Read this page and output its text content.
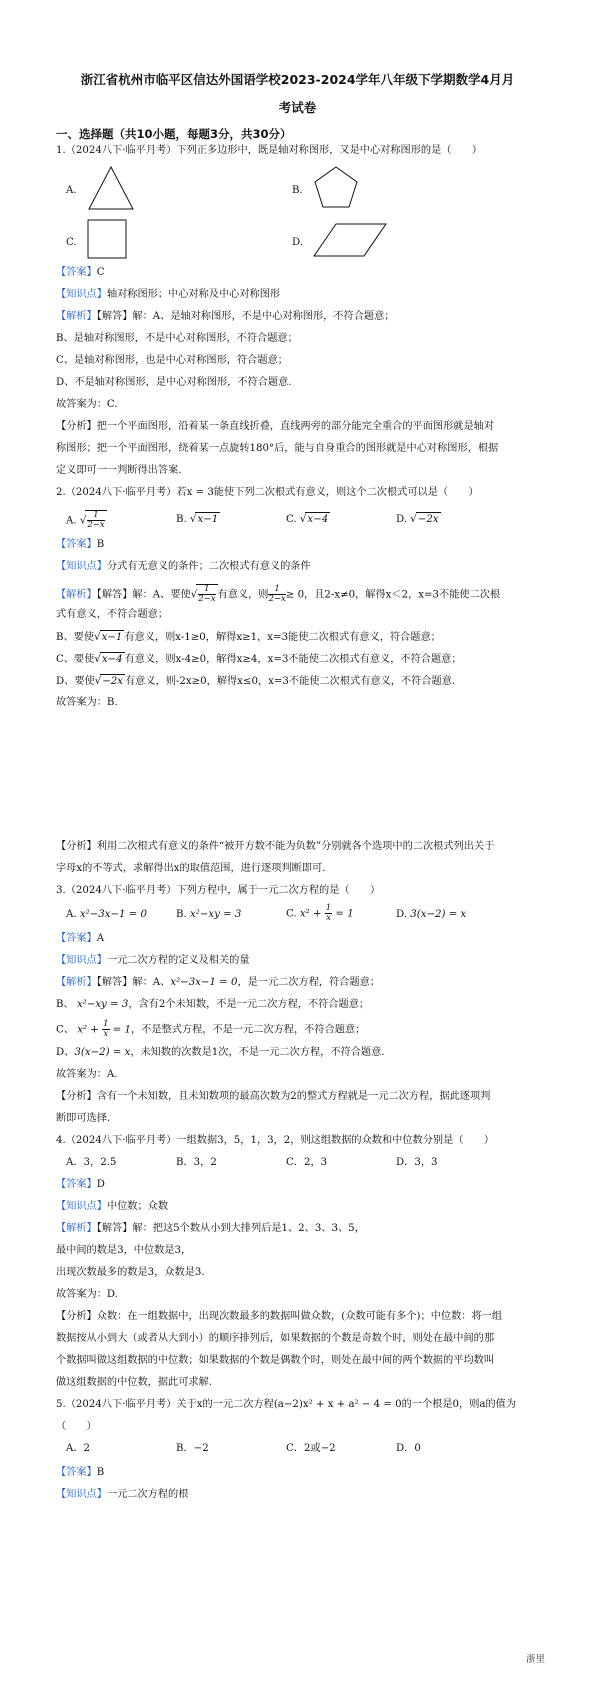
浙江省杭州市临平区信达外国语学校2023-2024学年八年级下学期数学4月月
考试卷
一、选择题（共10小题，每题3分，共30分）
1.（2024八下·临平月考）下列正多边形中，既是轴对称图形，又是中心对称图形的是（　　）
A.	B.
C.	D.
【答案】C
【知识点】轴对称图形；中心对称及中心对称图形
【解析】【解答】解：A、是轴对称图形，不是中心对称图形，不符合题意；
B、是轴对称图形，不是中心对称图形，不符合题意；
C、是轴对称图形，也是中心对称图形，符合题意；
D、不是轴对称图形，是中心对称图形，不符合题意.
故答案为：C.
【分析】把一个平面图形，沿着某一条直线折叠，直线两旁的部分能完全重合的平面图形就是轴对
称图形；把一个平面图形，绕着某一点旋转180°后，能与自身重合的图形就是中心对称图形，根据
定义即可一一判断得出答案.
2.（2024八下·临平月考）若x = 3能使下列二次根式有意义，则这个二次根式可以是（　　）
A. √ $\frac{1}{2-x}$	B. √x−1	C. √x−4	D. √−2x
【答案】B
【知识点】分式有无意义的条件；二次根式有意义的条件
【解析】【解答】解：A、要使√ $\frac{1}{2-x}$ 有意义，则 $\frac{1}{2-x} \ge 0$，且2-x≠0，解得x＜2，x=3不能使二次根
式有意义，不符合题意；
B、要使√x−1 有意义，则x-1≥0，解得x≥1，x=3能使二次根式有意义，符合题意；
C、要使√x−4 有意义，则x-4≥0，解得x≥4，x=3不能使二次根式有意义，不符合题意；
D、要使√−2x 有意义，则-2x≥0，解得x≤0，x=3不能使二次根式有意义，不符合题意.
故答案为：B.
【分析】利用二次根式有意义的条件“被开方数不能为负数”分别就各个选项中的二次根式列出关于
字母x的不等式，求解得出x的取值范围，进行逐项判断即可.
3.（2024八下·临平月考）下列方程中，属于一元二次方程的是（　　）
A. x²−3x−1 = 0	B. x²−xy = 3	C. $x^2 + \frac{1}{x} = 1$	D. 3(x−2) = x
【答案】A
【知识点】一元二次方程的定义及相关的量
【解析】【解答】解：A、x²−3x−1 = 0，是一元二次方程，符合题意；
B、 x²−xy = 3，含有2个未知数，不是一元二次方程，不符合题意；
C、 $x^2 + \frac{1}{x} = 1$，不是整式方程，不是一元二次方程，不符合题意；
D、3(x−2) = x，未知数的次数是1次，不是一元二次方程，不符合题意.
故答案为：A.
【分析】含有一个未知数，且未知数项的最高次数为2的整式方程就是一元二次方程，据此逐项判
断即可选择.
4.（2024八下·临平月考）一组数据3，5，1，3，2，则这组数据的众数和中位数分别是（　　）
A．3，2.5	B．3，2	C．2，3	D．3，3
【答案】D
【知识点】中位数；众数
【解析】【解答】解：把这5个数从小到大排列后是1、2、3、3、5，
最中间的数是3，中位数是3，
出现次数最多的数是3，众数是3.
故答案为：D.
【分析】众数：在一组数据中，出现次数最多的数据叫做众数，(众数可能有多个)；中位数：将一组
数据按从小到大（或者从大到小）的顺序排列后，如果数据的个数是奇数个时，则处在最中间的那
个数据叫做这组数据的中位数；如果数据的个数是偶数个时，则处在最中间的两个数据的平均数叫
做这组数据的中位数，据此可求解.
5.（2024八下·临平月考）关于x的一元二次方程(a−2)x² + x + a² − 4 = 0的一个根是0，则a的值为
（　　）
A．2	B．−2	C．2或−2	D．0
【答案】B
【知识点】一元二次方程的根
浙里
